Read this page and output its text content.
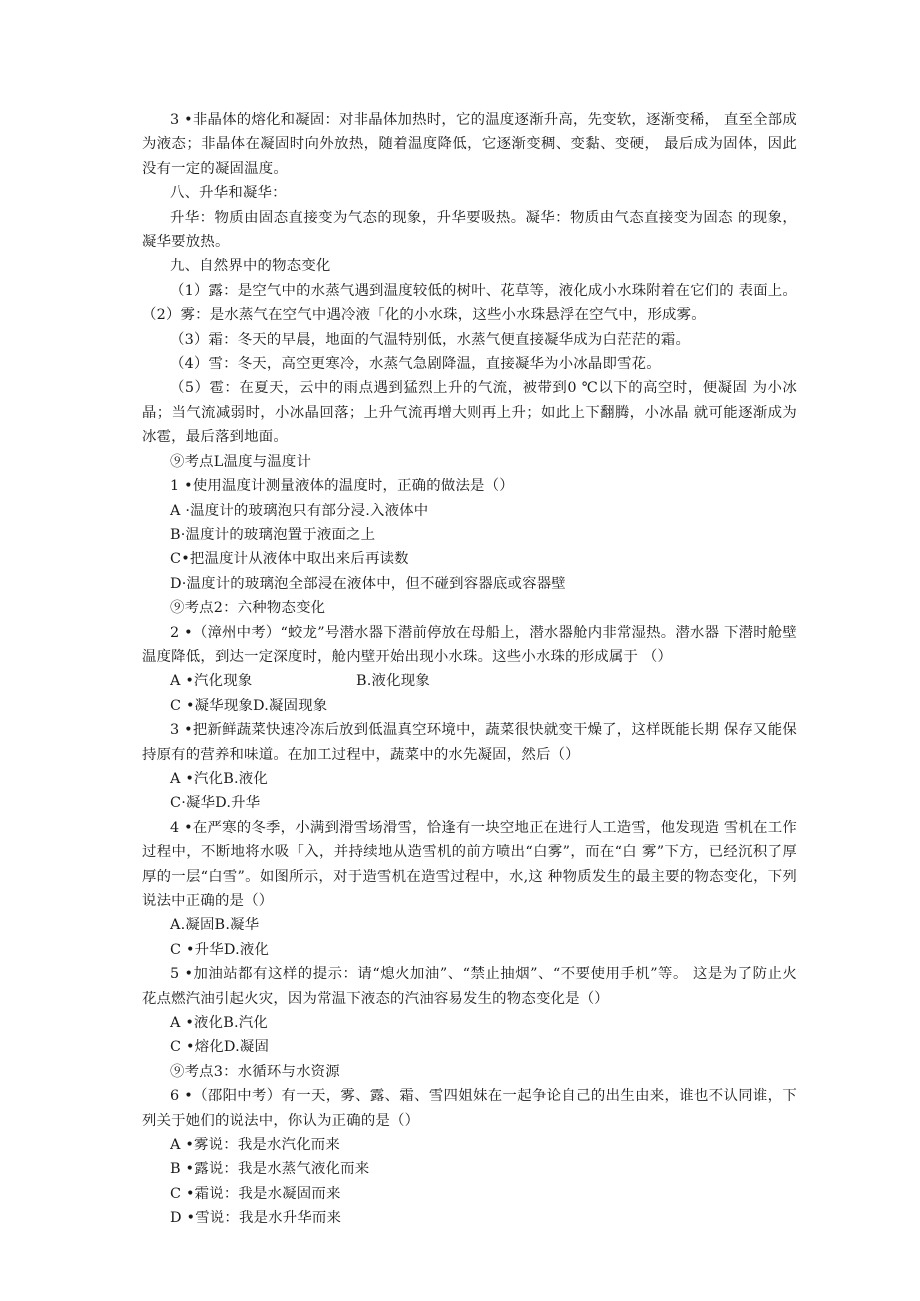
3 •非晶体的熔化和凝固：对非晶体加热时，它的温度逐渐升高，先变软，逐渐变稀， 直至全部成为液态；非晶体在凝固时向外放热，随着温度降低，它逐渐变稠、变黏、变硬， 最后成为固体，因此没有一定的凝固温度。

八、升华和凝华：

升华：物质由固态直接变为气态的现象，升华要吸热。凝华：物质由气态直接变为固态 的现象，凝华要放热。

九、自然界中的物态变化

（1）露：是空气中的水蒸气遇到温度较低的树叶、花草等，液化成小水珠附着在它们的 表面上。（2）雾：是水蒸气在空气中遇冷液「化的小水珠，这些小水珠悬浮在空气中，形成雾。

（3）霜：冬天的早晨，地面的气温特别低，水蒸气便直接凝华成为白茫茫的霜。

（4）雪：冬天，高空更寒冷，水蒸气急剧降温，直接凝华为小冰晶即雪花。

（5）雹：在夏天，云中的雨点遇到猛烈上升的气流，被带到0 ℃以下的高空时，便凝固 为小冰晶；当气流减弱时，小冰晶回落；上升气流再增大则再上升；如此上下翻腾，小冰晶 就可能逐渐成为冰雹，最后落到地面。

⑨考点L温度与温度计

1 •使用温度计测量液体的温度时，正确的做法是（）

A ·温度计的玻璃泡只有部分浸.入液体中

B·温度计的玻璃泡置于液面之上

C•把温度计从液体中取出来后再读数

D·温度计的玻璃泡全部浸在液体中，但不碰到容器底或容器壁

⑨考点2：六种物态变化

2 •（漳州中考）“蛟龙”号潜水器下潜前停放在母船上，潜水器舱内非常湿热。潜水器 下潜时舱壁温度降低，到达一定深度时，舱内壁开始出现小水珠。这些小水珠的形成属于 （）

A •汽化现象	B.液化现象

C •凝华现象D.凝固现象

3 •把新鲜蔬菜快速冷冻后放到低温真空环境中，蔬菜很快就变干燥了，这样既能长期 保存又能保持原有的营养和味道。在加工过程中，蔬菜中的水先凝固，然后（）

A •汽化B.液化

C·凝华D.升华

4 •在严寒的冬季，小满到滑雪场滑雪，恰逢有一块空地正在进行人工造雪，他发现造 雪机在工作过程中，不断地将水吸「入，并持续地从造雪机的前方喷出“白雾”，而在“白 雾”下方，已经沉积了厚厚的一层“白雪”。如图所示，对于造雪机在造雪过程中，水,这 种物质发生的最主要的物态变化，下列说法中正确的是（）

A.凝固B.凝华

C •升华D.液化

5 •加油站都有这样的提示：请“熄火加油”、“禁止抽烟”、“不要使用手机”等。 这是为了防止火花点燃汽油引起火灾，因为常温下液态的汽油容易发生的物态变化是（）

A •液化B.汽化

C •熔化D.凝固

⑨考点3：水循环与水资源

6 •（邵阳中考）有一天，雾、露、霜、雪四姐妹在一起争论自己的出生由来，谁也不认同谁，下列关于她们的说法中，你认为正确的是（）

A •雾说：我是水汽化而来

B •露说：我是水蒸气液化而来

C •霜说：我是水凝固而来

D •雪说：我是水升华而来
